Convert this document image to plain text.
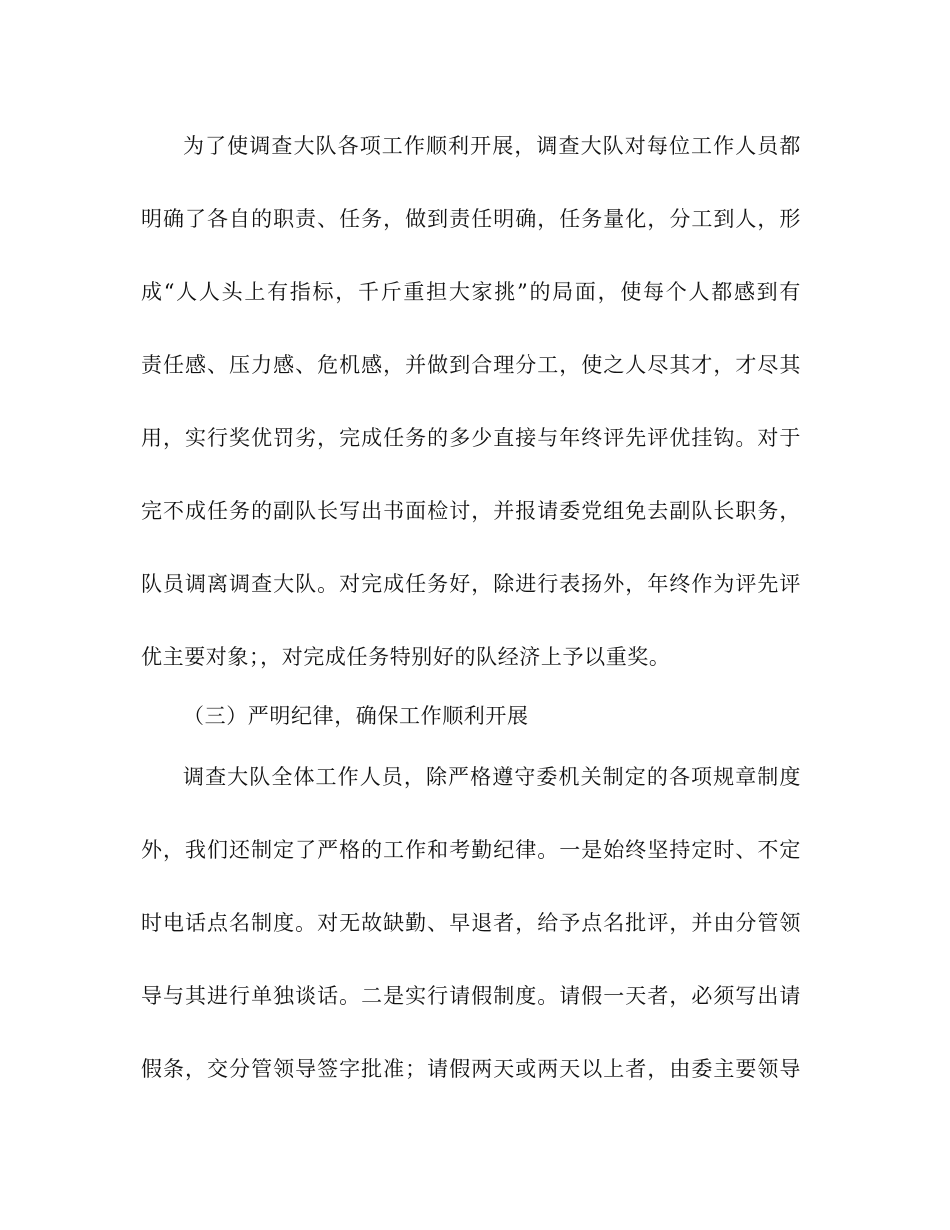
为了使调查大队各项工作顺利开展，调查大队对每位工作人员都

明确了各自的职责、任务，做到责任明确，任务量化，分工到人，形

成“人人头上有指标，千斤重担大家挑”的局面，使每个人都感到有

责任感、压力感、危机感，并做到合理分工，使之人尽其才，才尽其

用，实行奖优罚劣，完成任务的多少直接与年终评先评优挂钩。对于

完不成任务的副队长写出书面检讨，并报请委党组免去副队长职务，

队员调离调查大队。对完成任务好，除进行表扬外，年终作为评先评

优主要对象；，对完成任务特别好的队经济上予以重奖。

（三）严明纪律，确保工作顺利开展

调查大队全体工作人员，除严格遵守委机关制定的各项规章制度

外，我们还制定了严格的工作和考勤纪律。一是始终坚持定时、不定

时电话点名制度。对无故缺勤、早退者，给予点名批评，并由分管领

导与其进行单独谈话。二是实行请假制度。请假一天者，必须写出请

假条，交分管领导签字批准；请假两天或两天以上者，由委主要领导
